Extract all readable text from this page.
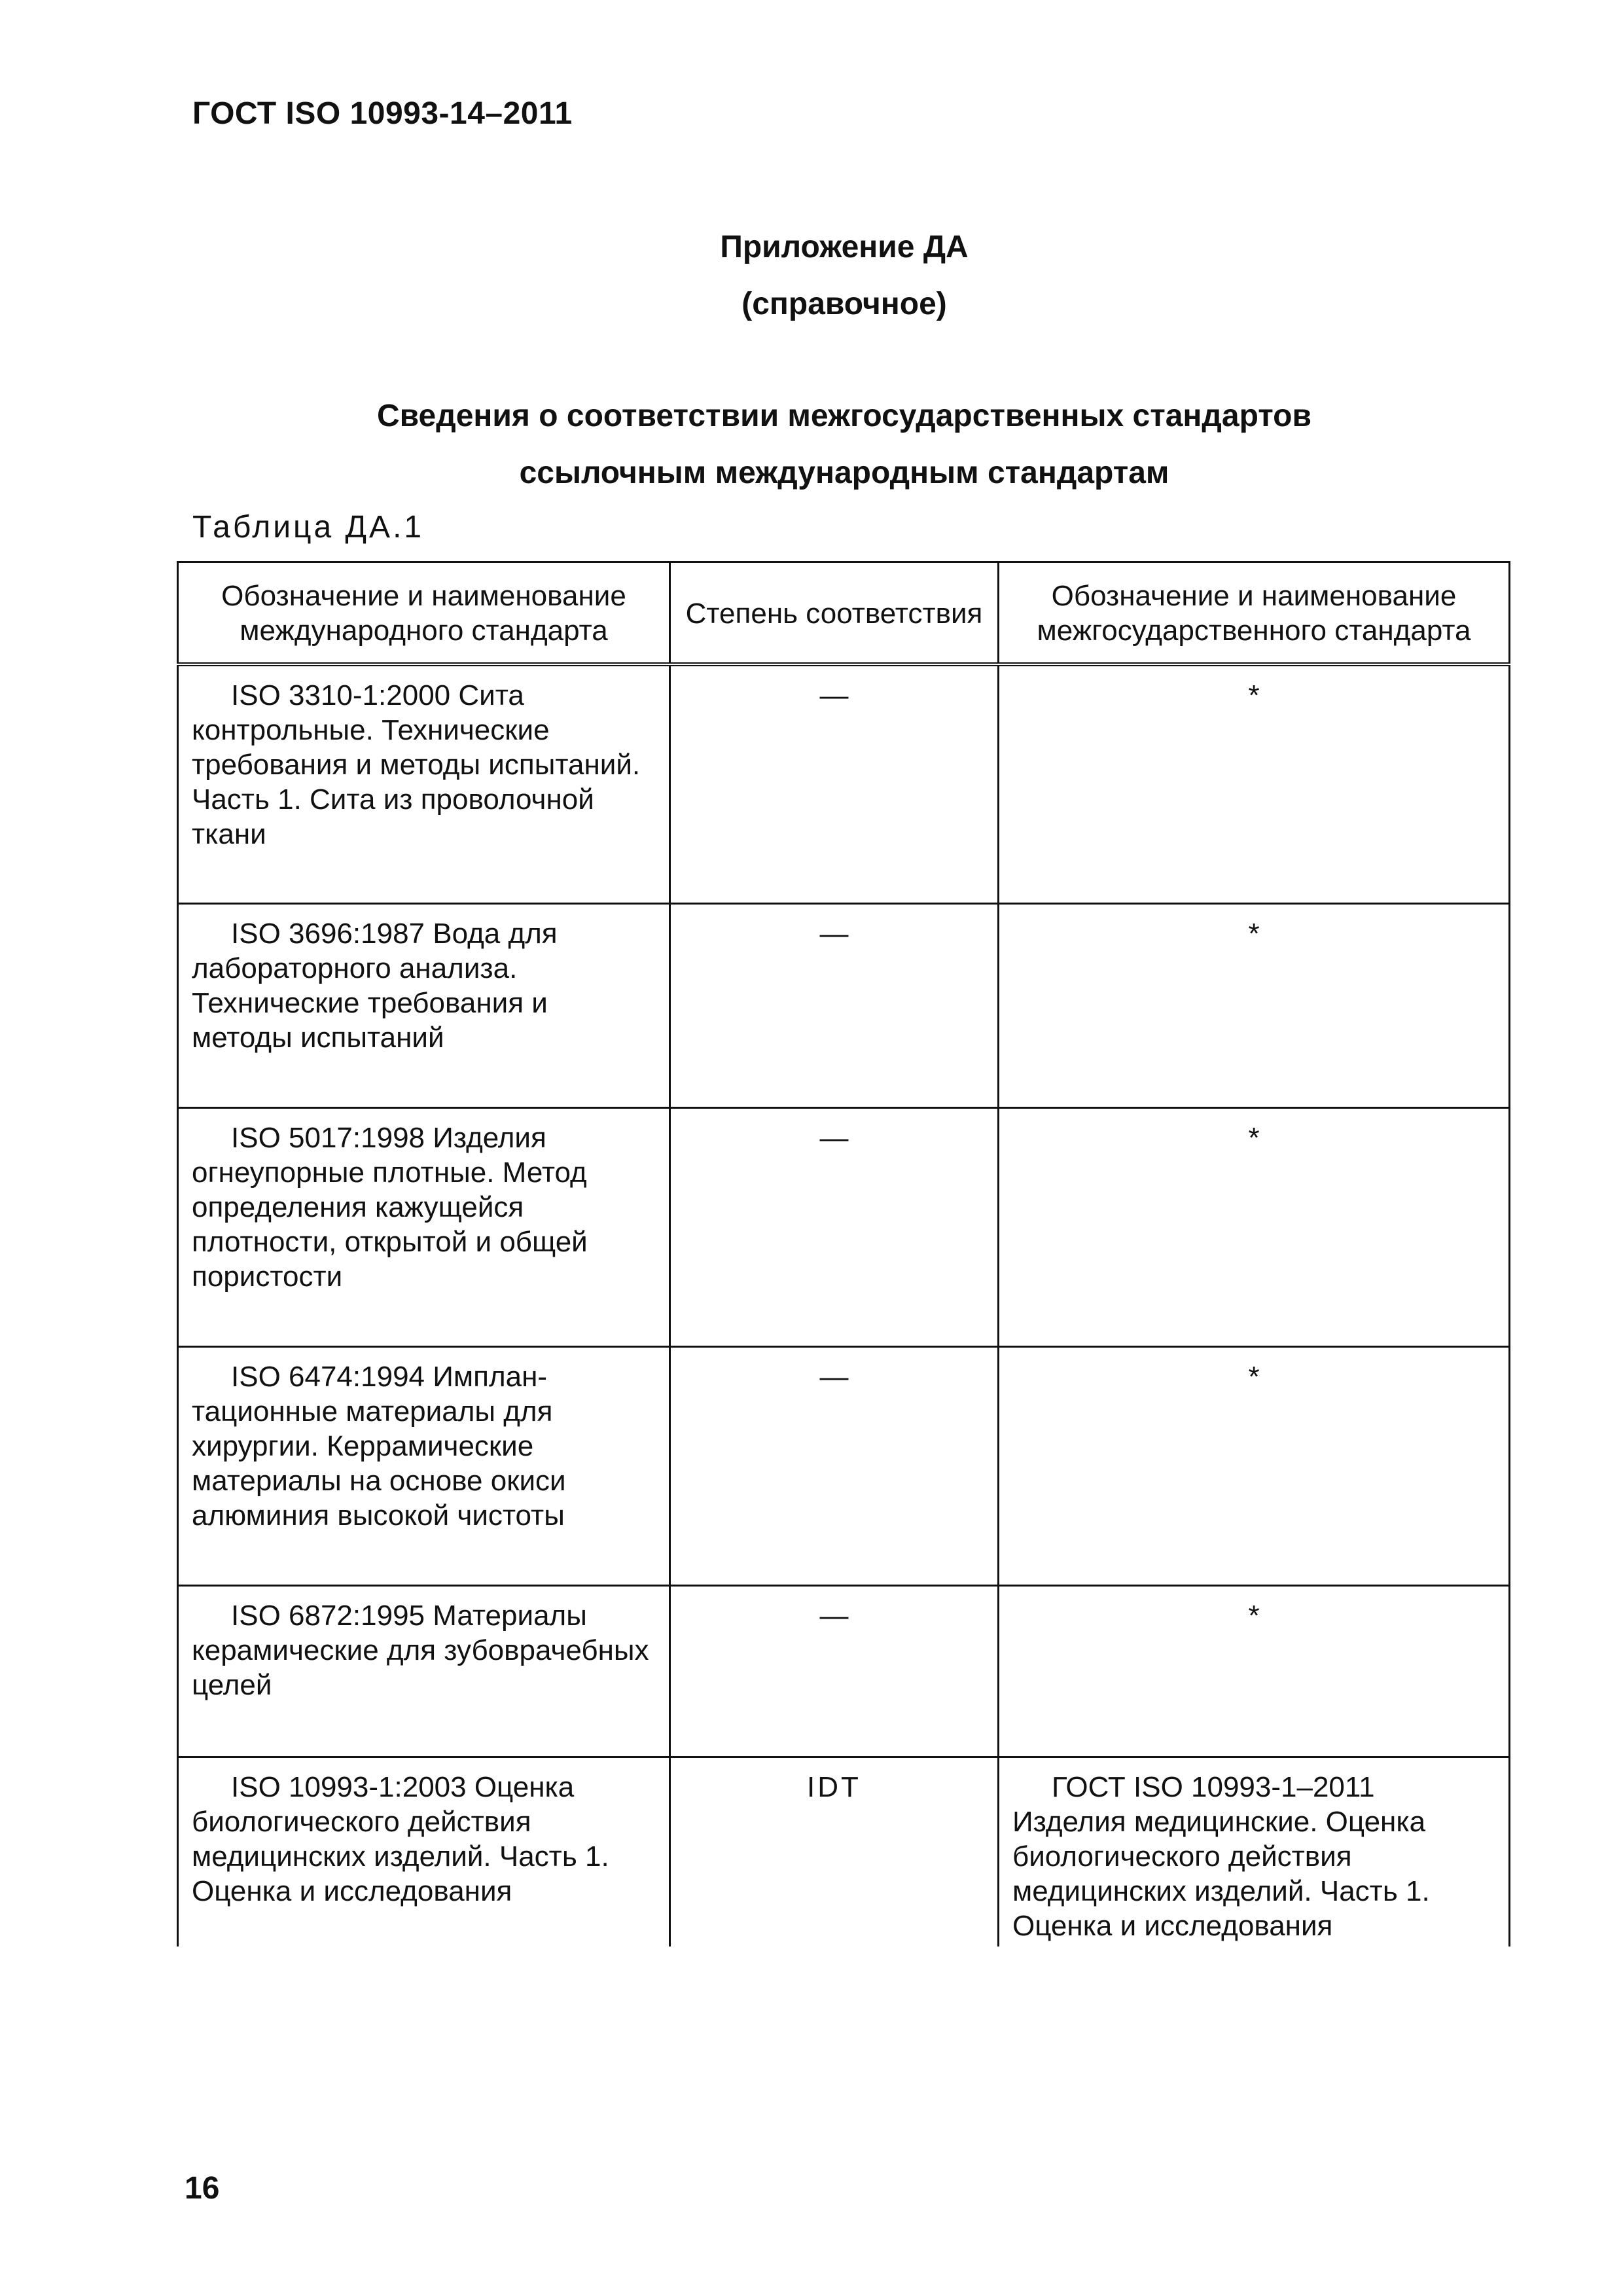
ГОСТ ISO 10993-14–2011
Приложение ДА
(справочное)
Сведения о соответствии межгосударственных стандартов
ссылочным международным стандартам
Таблица ДА.1
Обозначение и наименование международного стандарта	Степень соответствия	Обозначение и наименование межгосударственного стандарта

ISO 3310-1:2000 Сита контрольные. Технические требования и методы испытаний. Часть 1. Сита из проволочной ткани	—	*

ISO 3696:1987 Вода для лабораторного анализа. Технические требования и методы испытаний	—	*

ISO 5017:1998 Изделия огнеупорные плотные. Метод определения кажущейся плотности, открытой и общей пористости	—	*

ISO 6474:1994 Имплан-тационные материалы для хирургии. Керрамические материалы на основе окиси алюминия высокой чистоты	—	*

ISO 6872:1995 Материалы керамические для зубоврачебных целей	—	*

ISO 10993-1:2003 Оценка биологического действия медицинских изделий. Часть 1. Оценка и исследования	IDT	ГОСТ ISO 10993-1–2011 Изделия медицинские. Оценка биологического действия медицинских изделий. Часть 1. Оценка и исследования
16
